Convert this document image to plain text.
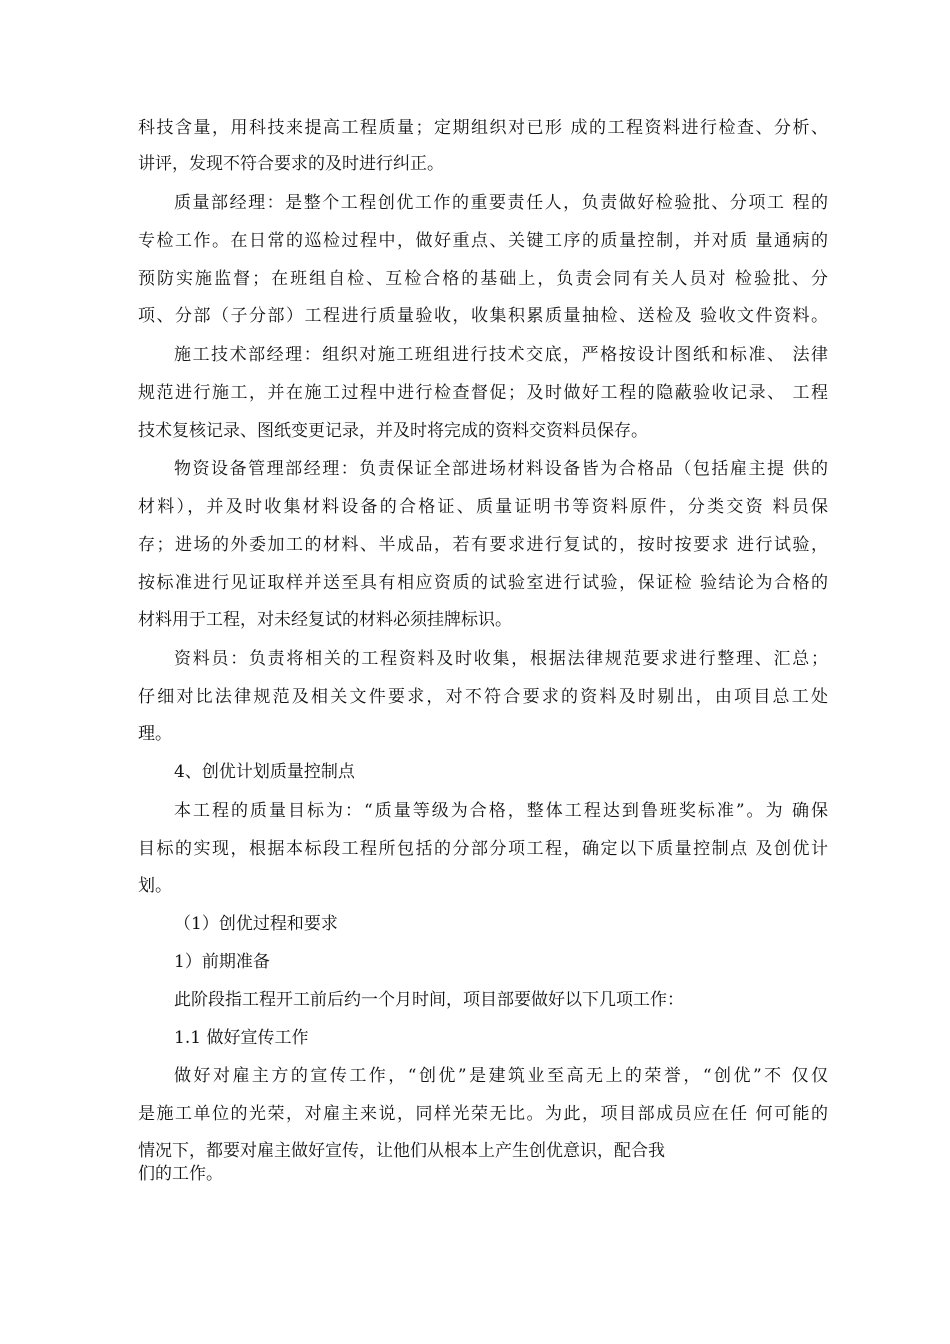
科技含量，用科技来提高工程质量；定期组织对已形 成的工程资料进行检查、分析、
讲评，发现不符合要求的及时进行纠正。
质量部经理：是整个工程创优工作的重要责任人，负责做好检验批、分项工 程的
专检工作。在日常的巡检过程中，做好重点、关键工序的质量控制，并对质 量通病的
预防实施监督；在班组自检、互检合格的基础上，负责会同有关人员对 检验批、分
项、分部（子分部）工程进行质量验收，收集积累质量抽检、送检及 验收文件资料。
施工技术部经理：组织对施工班组进行技术交底，严格按设计图纸和标准、 法律
规范进行施工，并在施工过程中进行检查督促；及时做好工程的隐蔽验收记录、 工程
技术复核记录、图纸变更记录，并及时将完成的资料交资料员保存。
物资设备管理部经理：负责保证全部进场材料设备皆为合格品（包括雇主提 供的
材料），并及时收集材料设备的合格证、质量证明书等资料原件，分类交资 料员保
存；进场的外委加工的材料、半成品，若有要求进行复试的，按时按要求 进行试验，
按标准进行见证取样并送至具有相应资质的试验室进行试验，保证检 验结论为合格的
材料用于工程，对未经复试的材料必须挂牌标识。
资料员：负责将相关的工程资料及时收集，根据法律规范要求进行整理、汇总；
仔细对比法律规范及相关文件要求，对不符合要求的资料及时剔出，由项目总工处
理。
4、创优计划质量控制点
本工程的质量目标为：“质量等级为合格，整体工程达到鲁班奖标准”。为 确保
目标的实现，根据本标段工程所包括的分部分项工程，确定以下质量控制点 及创优计
划。
（1）创优过程和要求
1）前期准备
此阶段指工程开工前后约一个月时间，项目部要做好以下几项工作：
1.1 做好宣传工作
做好对雇主方的宣传工作，“创优”是建筑业至高无上的荣誉，“创优”不 仅仅
是施工单位的光荣，对雇主来说，同样光荣无比。为此，项目部成员应在任 何可能的
情况下，都要对雇主做好宣传，让他们从根本上产生创优意识，配合我
们的工作。
